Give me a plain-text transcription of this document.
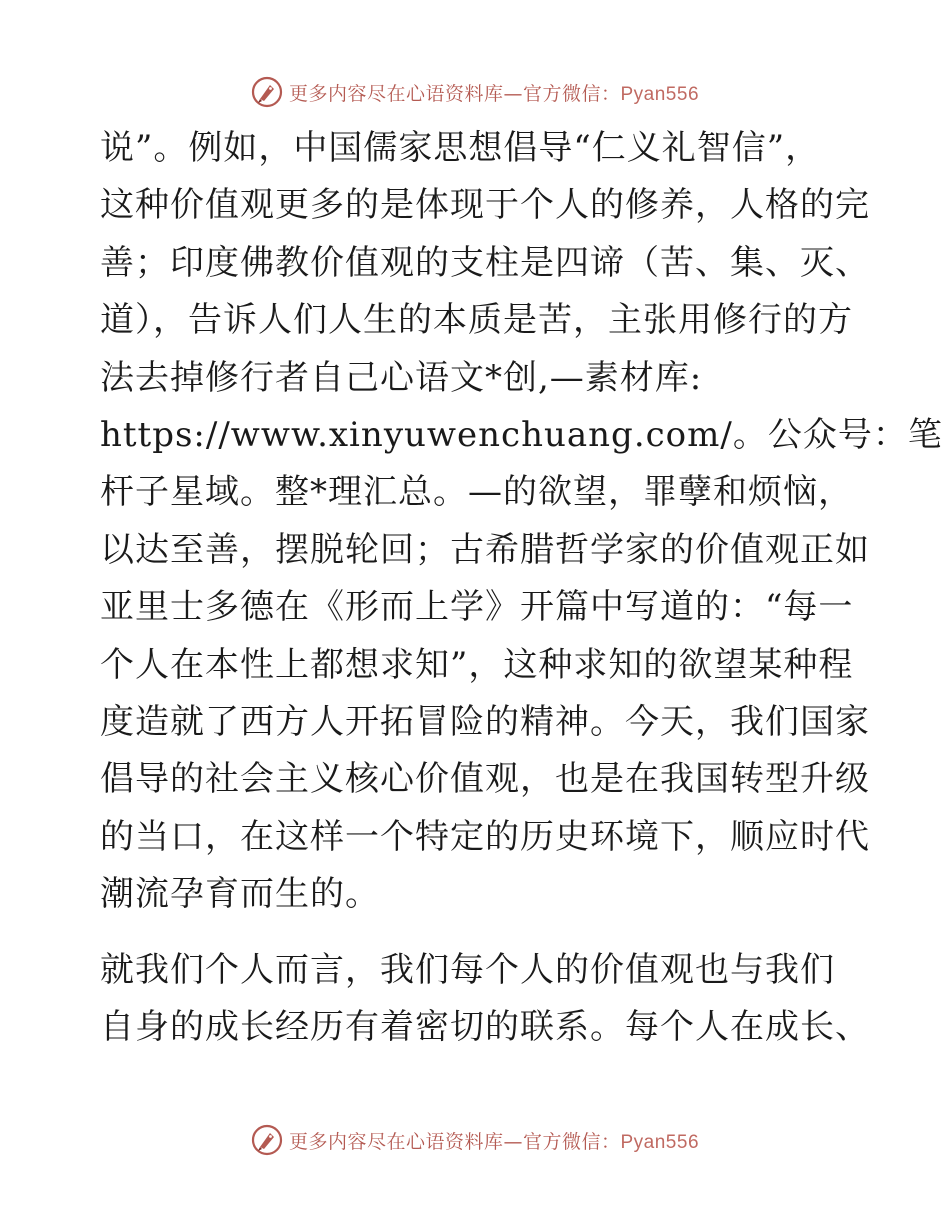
更多内容尽在心语资料库—官方微信：Pyan556
说”。例如，中国儒家思想倡导“仁义礼智信”，
这种价值观更多的是体现于个人的修养，人格的完
善；印度佛教价值观的支柱是四谛（苦、集、灭、
道），告诉人们人生的本质是苦，主张用修行的方
法去掉修行者自己心语文*创,—素材库:
https://www.xinyuwenchuang.com/。公众号：笔
杆子星域。整*理汇总。—的欲望，罪孽和烦恼，
以达至善，摆脱轮回；古希腊哲学家的价值观正如
亚里士多德在《形而上学》开篇中写道的：“每一
个人在本性上都想求知”，这种求知的欲望某种程
度造就了西方人开拓冒险的精神。今天，我们国家
倡导的社会主义核心价值观，也是在我国转型升级
的当口，在这样一个特定的历史环境下，顺应时代
潮流孕育而生的。
就我们个人而言，我们每个人的价值观也与我们
自身的成长经历有着密切的联系。每个人在成长、
更多内容尽在心语资料库—官方微信：Pyan556
